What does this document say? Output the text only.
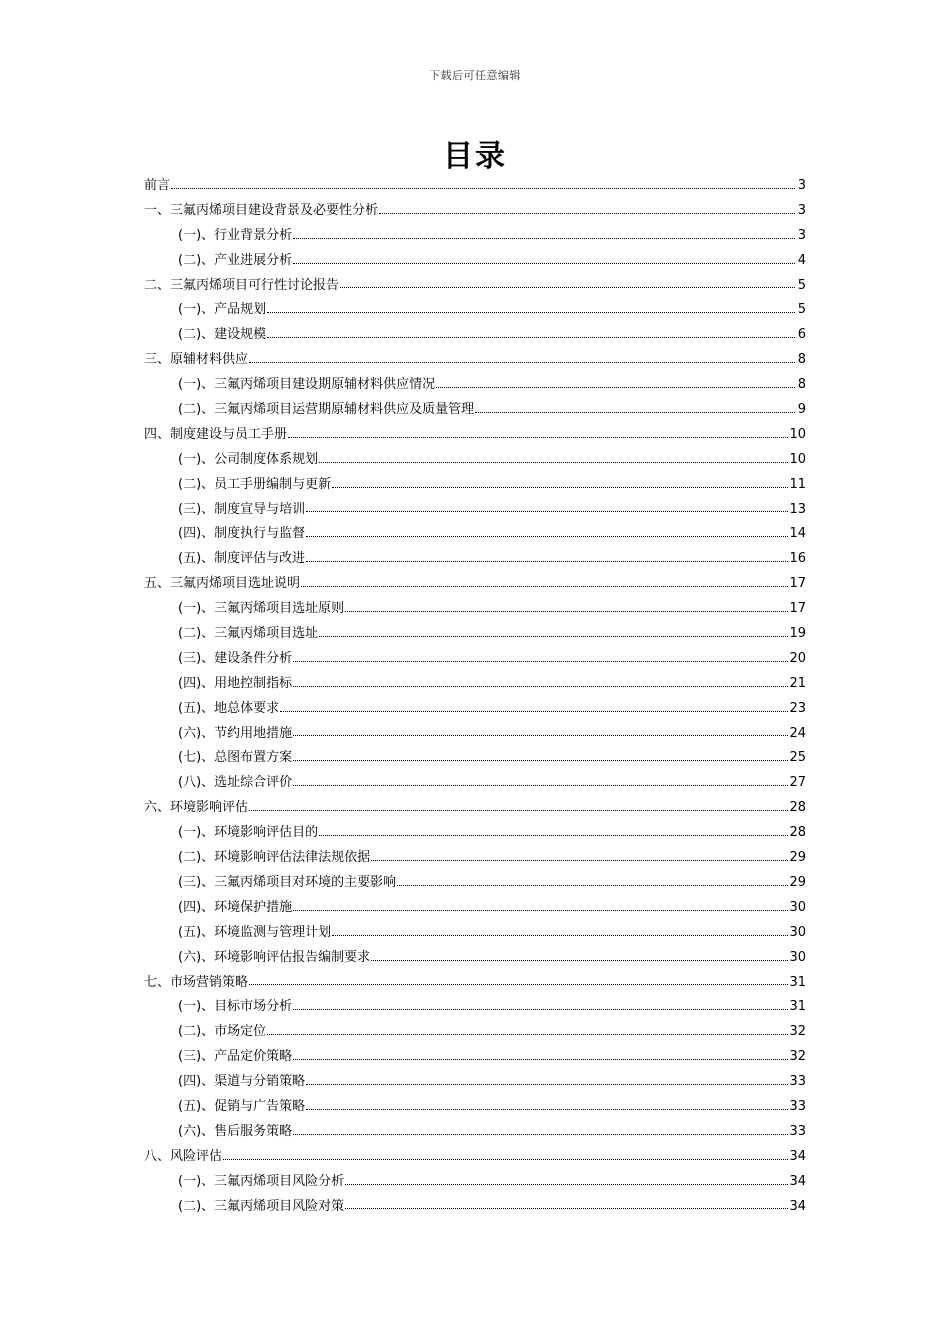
下载后可任意编辑
目录
前言	3
一、三氟丙烯项目建设背景及必要性分析	3
(一)、行业背景分析	3
(二)、产业进展分析	4
二、三氟丙烯项目可行性讨论报告	5
(一)、产品规划	5
(二)、建设规模	6
三、原辅材料供应	8
(一)、三氟丙烯项目建设期原辅材料供应情况	8
(二)、三氟丙烯项目运营期原辅材料供应及质量管理	9
四、制度建设与员工手册	10
(一)、公司制度体系规划	10
(二)、员工手册编制与更新	11
(三)、制度宣导与培训	13
(四)、制度执行与监督	14
(五)、制度评估与改进	16
五、三氟丙烯项目选址说明	17
(一)、三氟丙烯项目选址原则	17
(二)、三氟丙烯项目选址	19
(三)、建设条件分析	20
(四)、用地控制指标	21
(五)、地总体要求	23
(六)、节约用地措施	24
(七)、总图布置方案	25
(八)、选址综合评价	27
六、环境影响评估	28
(一)、环境影响评估目的	28
(二)、环境影响评估法律法规依据	29
(三)、三氟丙烯项目对环境的主要影响	29
(四)、环境保护措施	30
(五)、环境监测与管理计划	30
(六)、环境影响评估报告编制要求	30
七、市场营销策略	31
(一)、目标市场分析	31
(二)、市场定位	32
(三)、产品定价策略	32
(四)、渠道与分销策略	33
(五)、促销与广告策略	33
(六)、售后服务策略	33
八、风险评估	34
(一)、三氟丙烯项目风险分析	34
(二)、三氟丙烯项目风险对策	34
